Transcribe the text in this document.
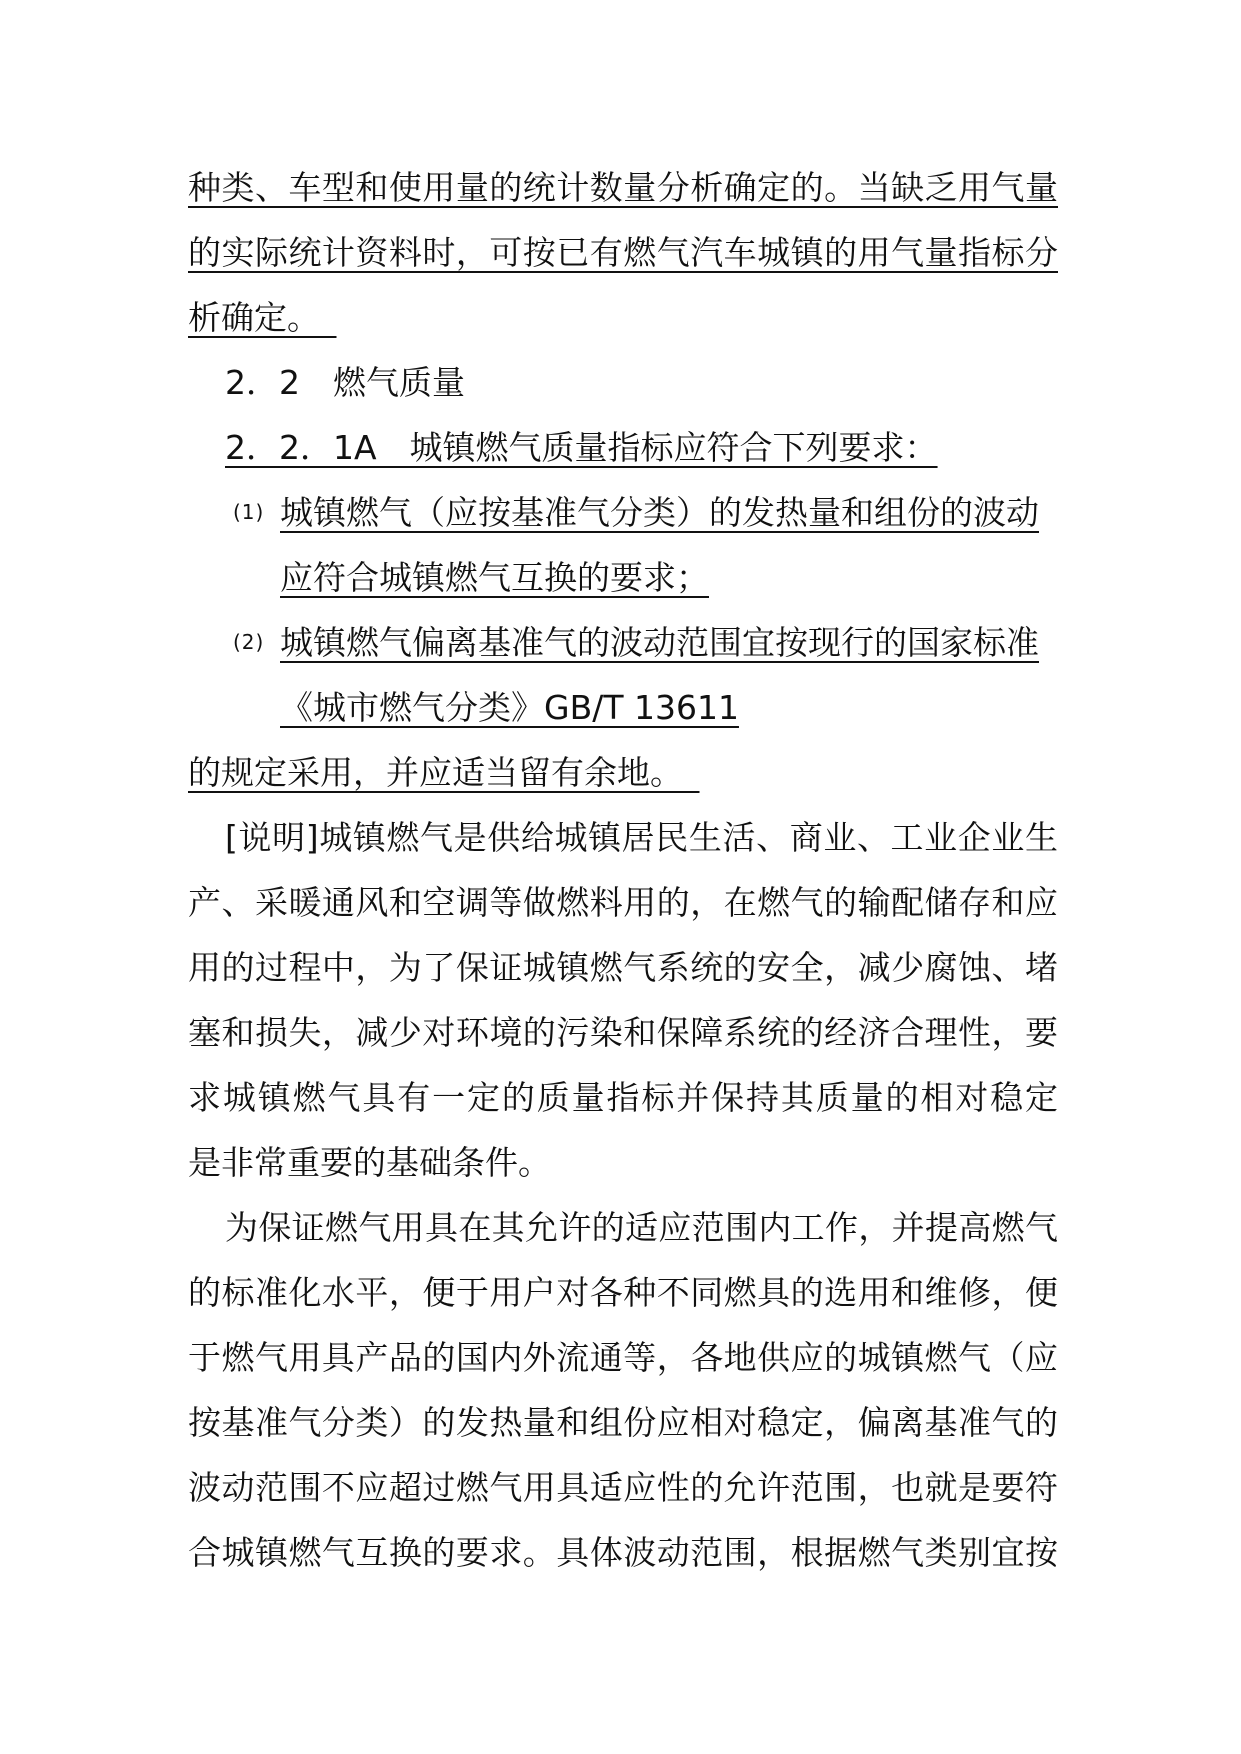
种类、车型和使用量的统计数量分析确定的。当缺乏用气量
的实际统计资料时，可按已有燃气汽车城镇的用气量指标分
析确定。 
2．2　燃气质量
2．2．1A　城镇燃气质量指标应符合下列要求：
(1) 城镇燃气（应按基准气分类）的发热量和组份的波动
应符合城镇燃气互换的要求；
(2) 城镇燃气偏离基准气的波动范围宜按现行的国家标准
《城市燃气分类》GB/T 13611
的规定采用，并应适当留有余地。 
[说明]城镇燃气是供给城镇居民生活、商业、工业企业生
产、采暖通风和空调等做燃料用的，在燃气的输配储存和应
用的过程中，为了保证城镇燃气系统的安全，减少腐蚀、堵
塞和损失，减少对环境的污染和保障系统的经济合理性，要
求城镇燃气具有一定的质量指标并保持其质量的相对稳定
是非常重要的基础条件。
为保证燃气用具在其允许的适应范围内工作，并提高燃气
的标准化水平，便于用户对各种不同燃具的选用和维修，便
于燃气用具产品的国内外流通等，各地供应的城镇燃气（应
按基准气分类）的发热量和组份应相对稳定，偏离基准气的
波动范围不应超过燃气用具适应性的允许范围，也就是要符
合城镇燃气互换的要求。具体波动范围，根据燃气类别宜按
